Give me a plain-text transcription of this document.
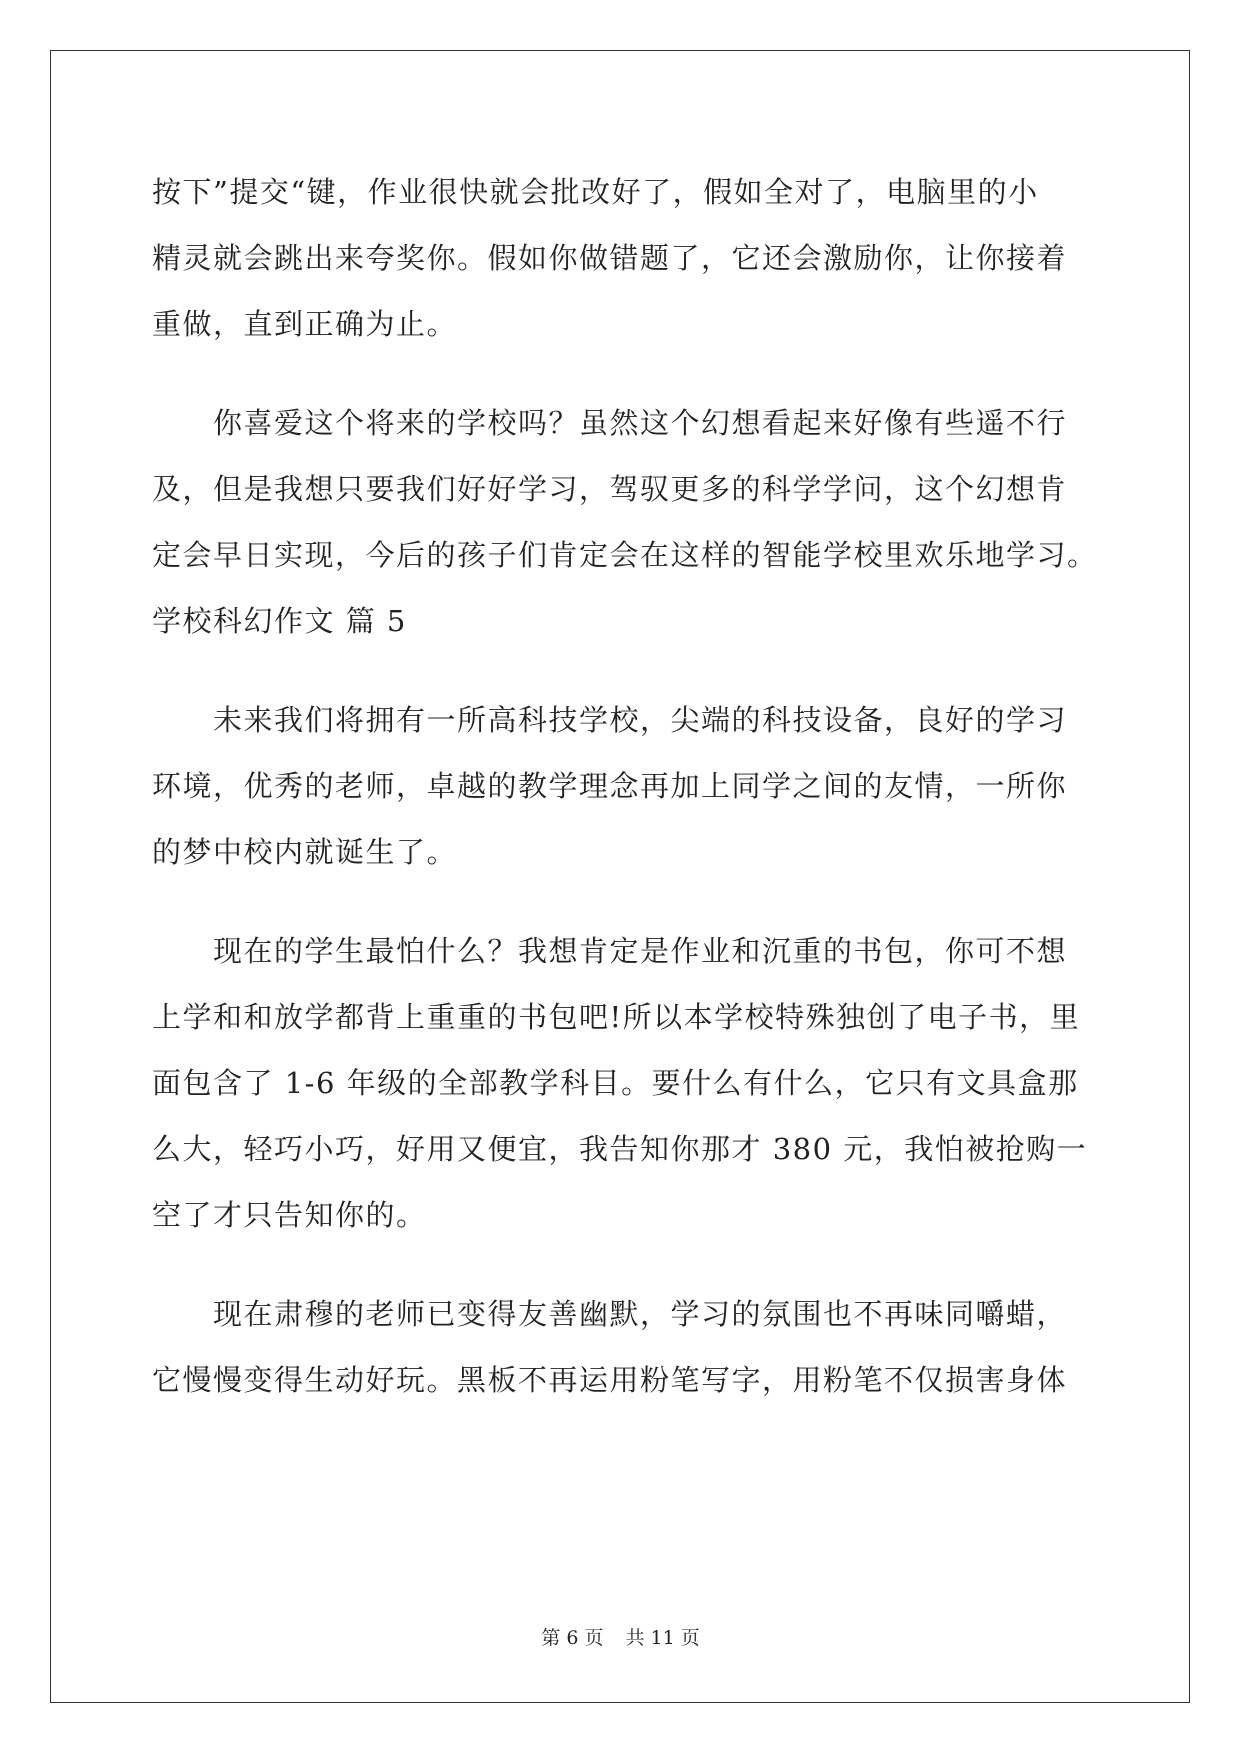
按下”提交“键，作业很快就会批改好了，假如全对了，电脑里的小
精灵就会跳出来夸奖你。假如你做错题了，它还会激励你，让你接着
重做，直到正确为止。
　　你喜爱这个将来的学校吗？虽然这个幻想看起来好像有些遥不行
及，但是我想只要我们好好学习，驾驭更多的科学学问，这个幻想肯
定会早日实现，今后的孩子们肯定会在这样的智能学校里欢乐地学习。
学校科幻作文 篇 5
　　未来我们将拥有一所高科技学校，尖端的科技设备，良好的学习
环境，优秀的老师，卓越的教学理念再加上同学之间的友情，一所你
的梦中校内就诞生了。
　　现在的学生最怕什么？我想肯定是作业和沉重的书包，你可不想
上学和和放学都背上重重的书包吧!所以本学校特殊独创了电子书，里
面包含了 1-6 年级的全部教学科目。要什么有什么，它只有文具盒那
么大，轻巧小巧，好用又便宜，我告知你那才 380 元，我怕被抢购一
空了才只告知你的。
　　现在肃穆的老师已变得友善幽默，学习的氛围也不再味同嚼蜡，
它慢慢变得生动好玩。黑板不再运用粉笔写字，用粉笔不仅损害身体
第 6 页 共 11 页
